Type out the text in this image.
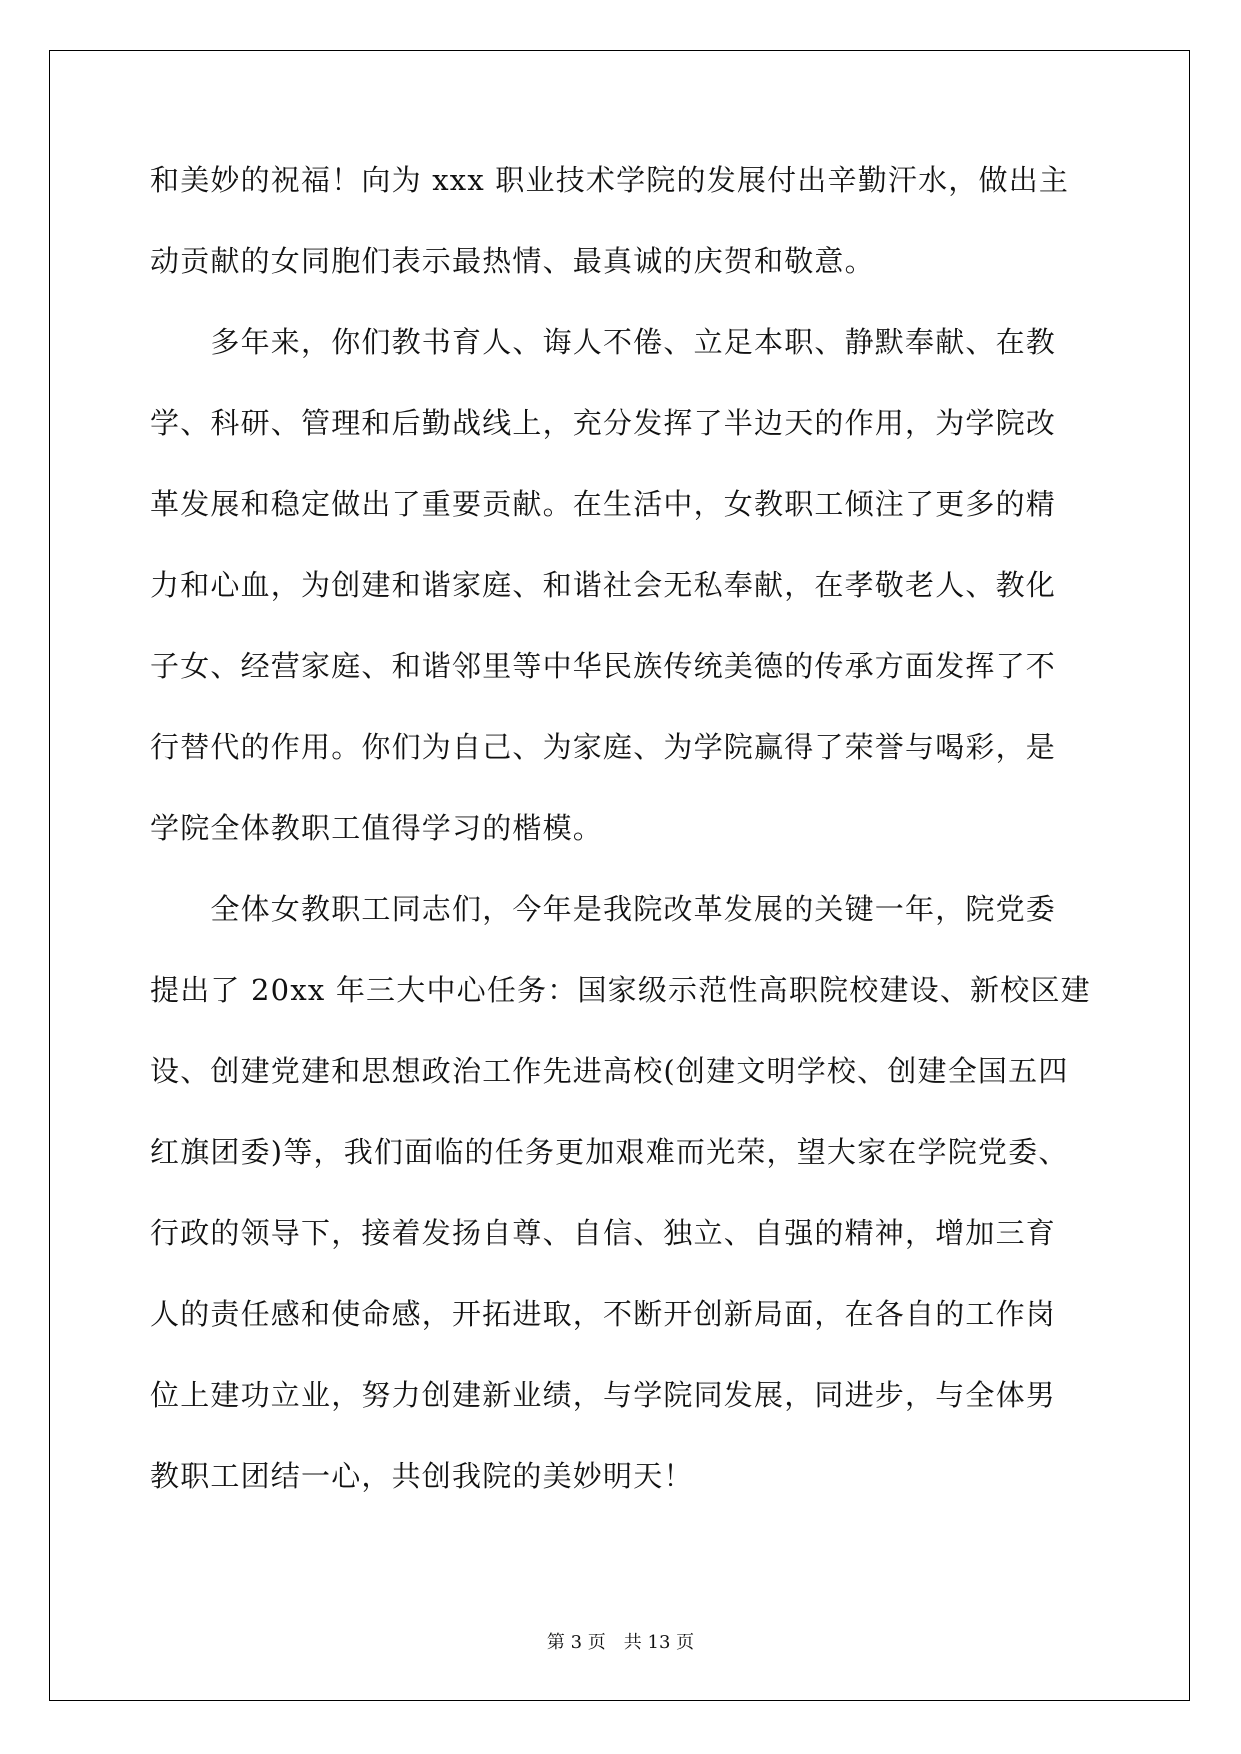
和美妙的祝福！向为 xxx 职业技术学院的发展付出辛勤汗水，做出主
动贡献的女同胞们表示最热情、最真诚的庆贺和敬意。
　　多年来，你们教书育人、诲人不倦、立足本职、静默奉献、在教
学、科研、管理和后勤战线上，充分发挥了半边天的作用，为学院改
革发展和稳定做出了重要贡献。在生活中，女教职工倾注了更多的精
力和心血，为创建和谐家庭、和谐社会无私奉献，在孝敬老人、教化
子女、经营家庭、和谐邻里等中华民族传统美德的传承方面发挥了不
行替代的作用。你们为自己、为家庭、为学院赢得了荣誉与喝彩，是
学院全体教职工值得学习的楷模。
　　全体女教职工同志们，今年是我院改革发展的关键一年，院党委
提出了 20xx 年三大中心任务：国家级示范性高职院校建设、新校区建
设、创建党建和思想政治工作先进高校(创建文明学校、创建全国五四
红旗团委)等，我们面临的任务更加艰难而光荣，望大家在学院党委、
行政的领导下，接着发扬自尊、自信、独立、自强的精神，增加三育
人的责任感和使命感，开拓进取，不断开创新局面，在各自的工作岗
位上建功立业，努力创建新业绩，与学院同发展，同进步，与全体男
教职工团结一心，共创我院的美妙明天！
第 3 页　共 13 页
